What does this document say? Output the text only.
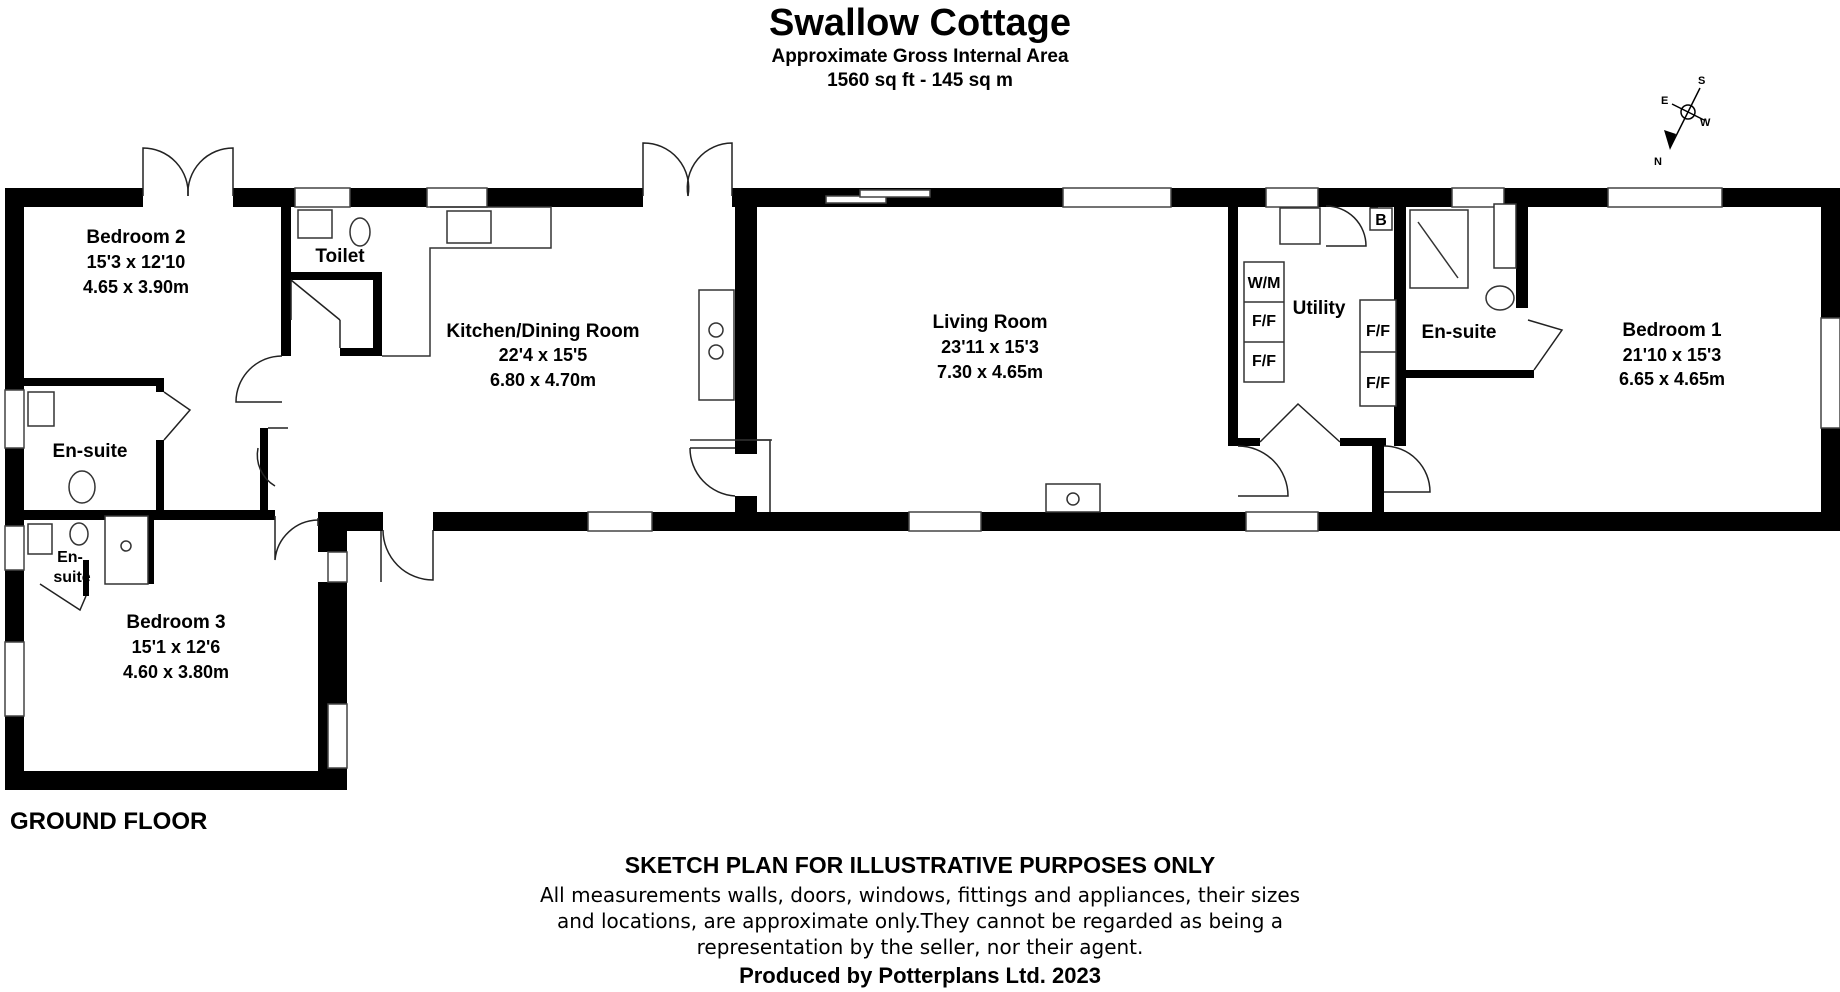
Swallow Cottage
Approximate Gross Internal Area
1560 sq ft - 145 sq m	S
E
W
N
Bedroom 2
15'3 x 12'10
4.65 x 3.90m
Toilet
Kitchen/Dining Room
22'4 x 15'5
6.80 x 4.70m
Living Room
23'11 x 15'3
7.30 x 4.65m
Utility
W/M
F/F
F/F
F/F
F/F
B
En-suite	Bedroom 1
21'10 x 15'3
6.65 x 4.65m
En-suite
En-
suite
Bedroom 3
15'1 x 12'6
4.60 x 3.80m
GROUND FLOOR
SKETCH PLAN FOR ILLUSTRATIVE PURPOSES ONLY
All measurements walls, doors, windows, fittings and appliances, their sizes
and locations, are approximate only.They cannot be regarded as being a
representation by the seller, nor their agent.
Produced by Potterplans Ltd. 2023
